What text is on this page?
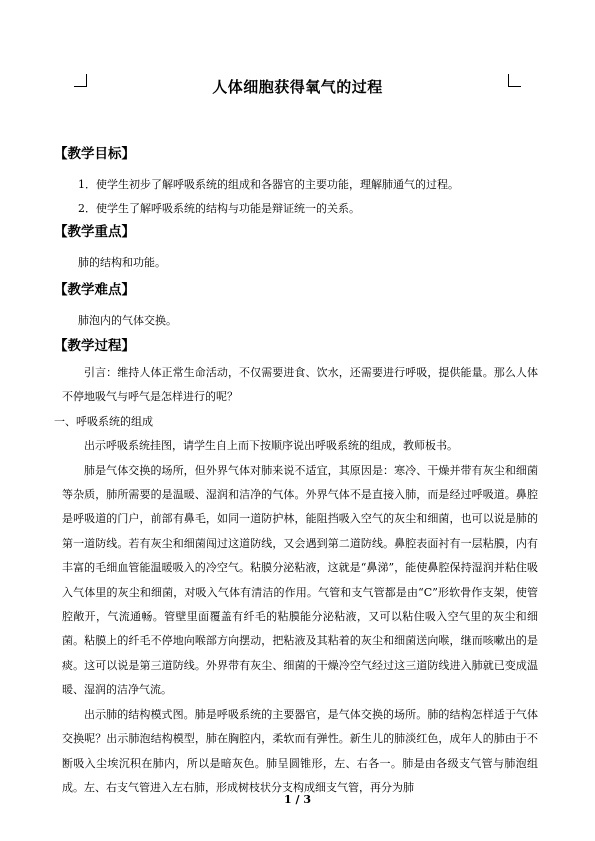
人体细胞获得氧气的过程
【教学目标】
1．使学生初步了解呼吸系统的组成和各器官的主要功能，理解肺通气的过程。
2．使学生了解呼吸系统的结构与功能是辩证统一的关系。
【教学重点】
肺的结构和功能。
【教学难点】
肺泡内的气体交换。
【教学过程】

引言：维持人体正常生命活动，不仅需要进食、饮水，还需要进行呼吸，提供能量。那么人体不停地吸气与呼气是怎样进行的呢？

一、呼吸系统的组成

出示呼吸系统挂图，请学生自上而下按顺序说出呼吸系统的组成，教师板书。

肺是气体交换的场所，但外界气体对肺来说不适宜，其原因是：寒冷、干燥并带有灰尘和细菌等杂质，肺所需要的是温暖、湿润和洁净的气体。外界气体不是直接入肺，而是经过呼吸道。鼻腔是呼吸道的门户，前部有鼻毛，如同一道防护林，能阻挡吸入空气的灰尘和细菌，也可以说是肺的第一道防线。若有灰尘和细菌闯过这道防线，又会遇到第二道防线。鼻腔表面衬有一层粘膜，内有丰富的毛细血管能温暖吸入的冷空气。粘膜分泌粘液，这就是“鼻涕”，能使鼻腔保持湿润并粘住吸入气体里的灰尘和细菌，对吸入气体有清洁的作用。气管和支气管都是由“C”形软骨作支架，使管腔敞开，气流通畅。管壁里面覆盖有纤毛的粘膜能分泌粘液，又可以粘住吸入空气里的灰尘和细菌。粘膜上的纤毛不停地向喉部方向摆动，把粘液及其粘着的灰尘和细菌送向喉，继而咳嗽出的是痰。这可以说是第三道防线。外界带有灰尘、细菌的干燥冷空气经过这三道防线进入肺就已变成温暖、湿润的洁净气流。

出示肺的结构模式图。肺是呼吸系统的主要器官，是气体交换的场所。肺的结构怎样适于气体交换呢？出示肺泡结构模型，肺在胸腔内，柔软而有弹性。新生儿的肺淡红色，成年人的肺由于不断吸入尘埃沉积在肺内，所以是暗灰色。肺呈圆锥形，左、右各一。肺是由各级支气管与肺泡组成。左、右支气管进入左右肺，形成树枝状分支构成细支气管，再分为肺

1 / 3
